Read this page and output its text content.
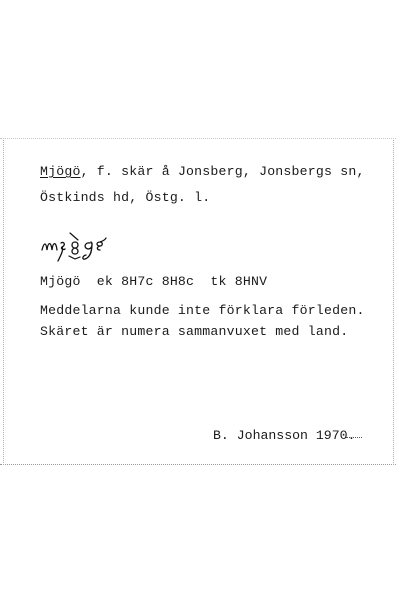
Mjögö, f. skär å Jonsberg, Jonsbergs sn,
Östkinds hd, Östg. l.
Mjögö  ek 8H7c 8H8c  tk 8HNV
Meddelarna kunde inte förklara förleden.
Skäret är numera sammanvuxet med land.
B. Johansson 1970.
